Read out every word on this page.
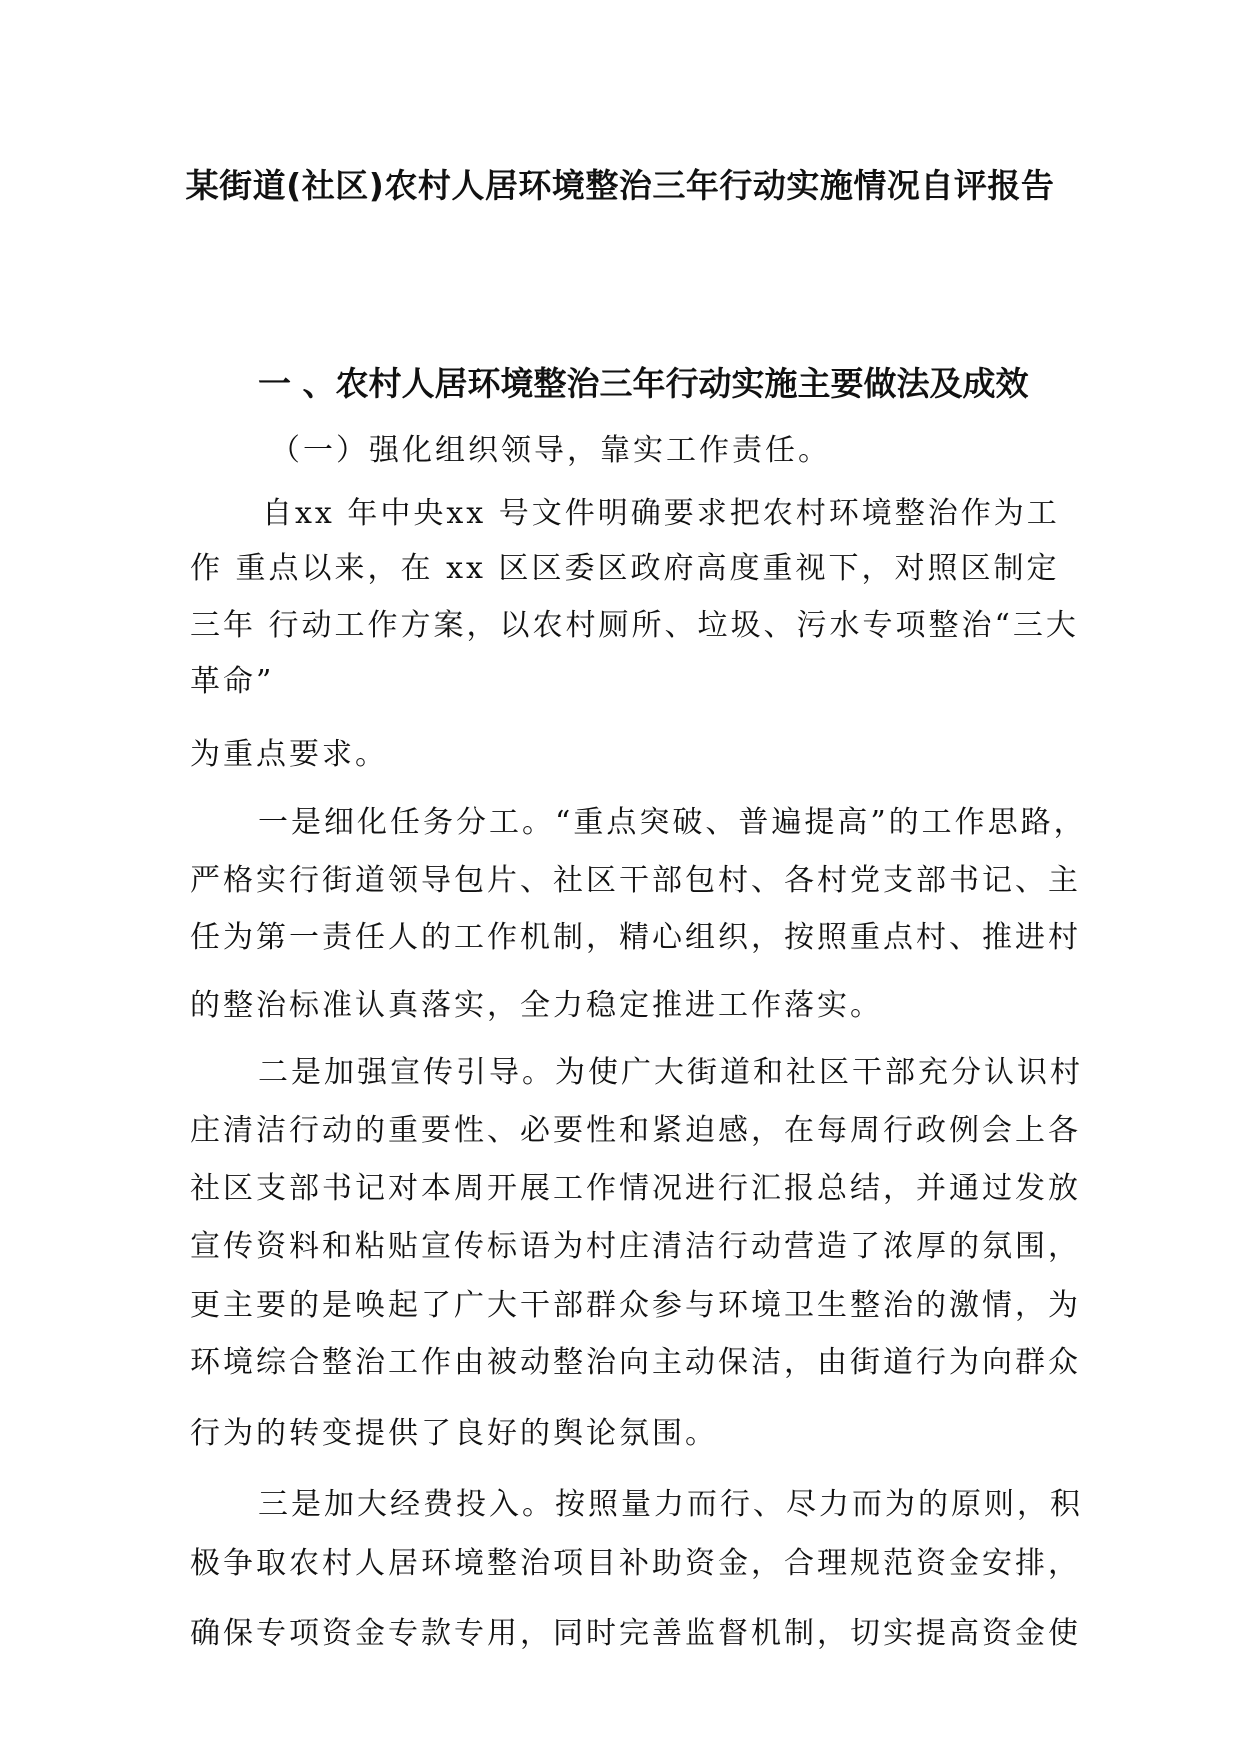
某街道(社区)农村人居环境整治三年行动实施情况自评报告
一 、农村人居环境整治三年行动实施主要做法及成效
（一）强化组织领导，靠实工作责任。
自xx 年中央xx 号文件明确要求把农村环境整治作为工
作 重点以来，在 xx 区区委区政府高度重视下，对照区制定
三年 行动工作方案，以农村厕所、垃圾、污水专项整治“三大
革命”
为重点要求。
一是细化任务分工。“重点突破、普遍提高”的工作思路，
严格实行街道领导包片、社区干部包村、各村党支部书记、主
任为第一责任人的工作机制，精心组织，按照重点村、推进村
的整治标准认真落实，全力稳定推进工作落实。
二是加强宣传引导。为使广大街道和社区干部充分认识村
庄清洁行动的重要性、必要性和紧迫感，在每周行政例会上各
社区支部书记对本周开展工作情况进行汇报总结，并通过发放
宣传资料和粘贴宣传标语为村庄清洁行动营造了浓厚的氛围，
更主要的是唤起了广大干部群众参与环境卫生整治的激情，为
环境综合整治工作由被动整治向主动保洁，由街道行为向群众
行为的转变提供了良好的舆论氛围。
三是加大经费投入。按照量力而行、尽力而为的原则，积
极争取农村人居环境整治项目补助资金，合理规范资金安排，
确保专项资金专款专用，同时完善监督机制，切实提高资金使
